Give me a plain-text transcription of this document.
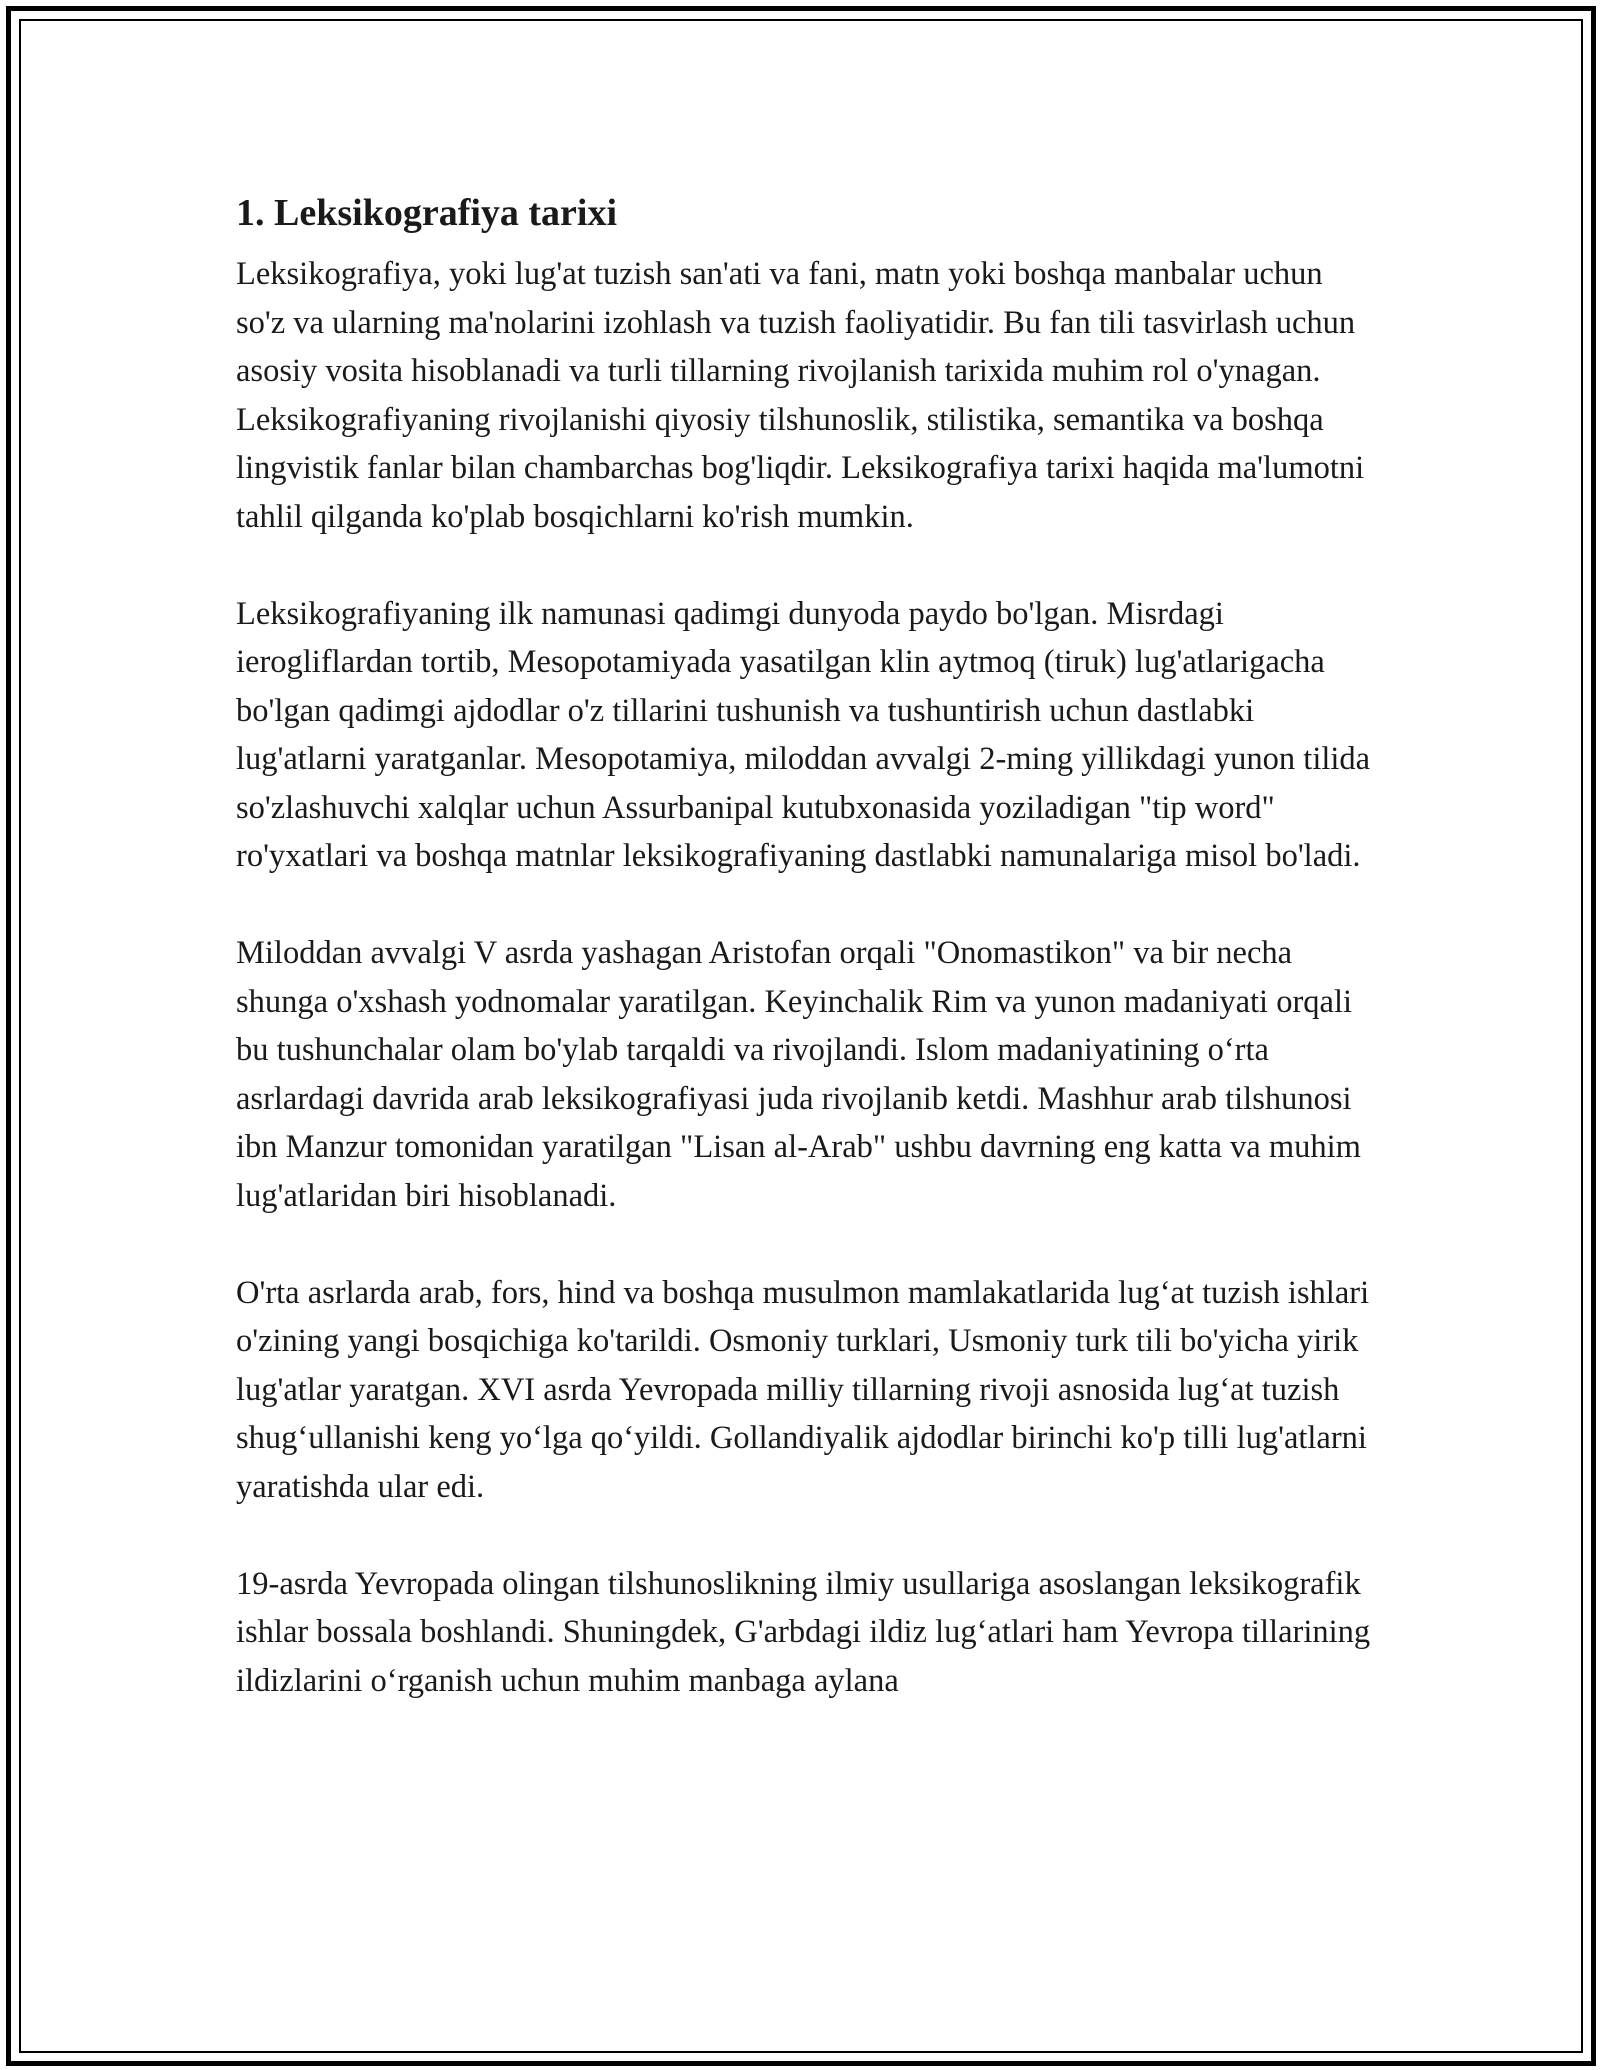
1. Leksikografiya tarixi

Leksikografiya, yoki lug'at tuzish san'ati va fani, matn yoki boshqa manbalar uchun so'z va ularning ma'nolarini izohlash va tuzish faoliyatidir. Bu fan tili tasvirlash uchun asosiy vosita hisoblanadi va turli tillarning rivojlanish tarixida muhim rol o'ynagan. Leksikografiyaning rivojlanishi qiyosiy tilshunoslik, stilistika, semantika va boshqa lingvistik fanlar bilan chambarchas bog'liqdir. Leksikografiya tarixi haqida ma'lumotni tahlil qilganda ko'plab bosqichlarni ko'rish mumkin.

Leksikografiyaning ilk namunasi qadimgi dunyoda paydo bo'lgan. Misrdagi ierogliflardan tortib, Mesopotamiyada yasatilgan klin aytmoq (tiruk) lug'atlarigacha bo'lgan qadimgi ajdodlar o'z tillarini tushunish va tushuntirish uchun dastlabki lug'atlarni yaratganlar. Mesopotamiya, miloddan avvalgi 2-ming yillikdagi yunon tilida so'zlashuvchi xalqlar uchun Assurbanipal kutubxonasida yoziladigan "tip word" ro'yxatlari va boshqa matnlar leksikografiyaning dastlabki namunalariga misol bo'ladi.

Miloddan avvalgi V asrda yashagan Aristofan orqali "Onomastikon" va bir necha shunga o'xshash yodnomalar yaratilgan. Keyinchalik Rim va yunon madaniyati orqali bu tushunchalar olam bo'ylab tarqaldi va rivojlandi. Islom madaniyatining oʻrta asrlardagi davrida arab leksikografiyasi juda rivojlanib ketdi. Mashhur arab tilshunosi ibn Manzur tomonidan yaratilgan "Lisan al-Arab" ushbu davrning eng katta va muhim lug'atlaridan biri hisoblanadi.

O'rta asrlarda arab, fors, hind va boshqa musulmon mamlakatlarida lugʻat tuzish ishlari o'zining yangi bosqichiga ko'tarildi. Osmoniy turklari, Usmoniy turk tili bo'yicha yirik lug'atlar yaratgan. XVI asrda Yevropada milliy tillarning rivoji asnosida lugʻat tuzish shugʻullanishi keng yoʻlga qoʻyildi. Gollandiyalik ajdodlar birinchi ko'p tilli lug'atlarni yaratishda ular edi.

19-asrda Yevropada olingan tilshunoslikning ilmiy usullariga asoslangan leksikografik ishlar bossala boshlandi. Shuningdek, G'arbdagi ildiz lugʻatlari ham Yevropa tillarining ildizlarini oʻrganish uchun muhim manbaga aylana
